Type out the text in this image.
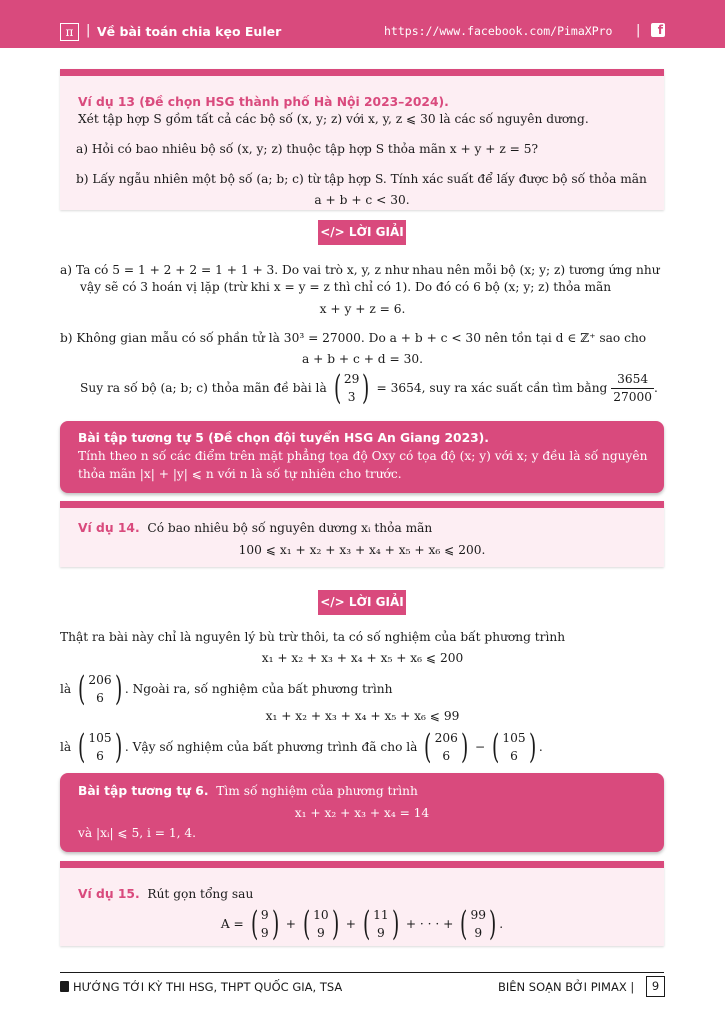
π | Về bài toán chia kẹo Euler	https://www.facebook.com/PimaXPro |	f
Ví dụ 13 (Đề chọn HSG thành phố Hà Nội 2023–2024).
Xét tập hợp S gồm tất cả các bộ số (x, y; z) với x, y, z ⩽ 30 là các số nguyên dương.
a) Hỏi có bao nhiêu bộ số (x, y; z) thuộc tập hợp S thỏa mãn x + y + z = 5?
b) Lấy ngẫu nhiên một bộ số (a; b; c) từ tập hợp S. Tính xác suất để lấy được bộ số thỏa mãn
a + b + c < 30.
</> LỜI GIẢI
a) Ta có 5 = 1 + 2 + 2 = 1 + 1 + 3. Do vai trò x, y, z như nhau nên mỗi bộ (x; y; z) tương ứng như
vậy sẽ có 3 hoán vị lặp (trừ khi x = y = z thì chỉ có 1). Do đó có 6 bộ (x; y; z) thỏa mãn
x + y + z = 6.
b) Không gian mẫu có số phần tử là 30³ = 27000. Do a + b + c < 30 nên tồn tại d ∈ ℤ⁺ sao cho
a + b + c + d = 30.
Suy ra số bộ (a; b; c) thỏa mãn đề bài là
( 29
3 )
= 3654, suy ra xác suất cần tìm bằng
$\frac{3654}{27000}$ .
Bài tập tương tự 5 (Đề chọn đội tuyển HSG An Giang 2023).
Tính theo n số các điểm trên mặt phẳng tọa độ Oxy có tọa độ (x; y) với x; y đều là số nguyên
thỏa mãn |x| + |y| ⩽ n với n là số tự nhiên cho trước.
Ví dụ 14. Có bao nhiêu bộ số nguyên dương xᵢ thỏa mãn
100 ⩽ x₁ + x₂ + x₃ + x₄ + x₅ + x₆ ⩽ 200.
</> LỜI GIẢI
Thật ra bài này chỉ là nguyên lý bù trừ thôi, ta có số nghiệm của bất phương trình
x₁ + x₂ + x₃ + x₄ + x₅ + x₆ ⩽ 200
là
( 206
6 ) . Ngoài ra, số nghiệm của bất phương trình
x₁ + x₂ + x₃ + x₄ + x₅ + x₆ ⩽ 99
là
( 105
6 ) . Vậy số nghiệm của bất phương trình đã cho là
( 206
6 )
−
( 105
6 ) .
Bài tập tương tự 6. Tìm số nghiệm của phương trình
x₁ + x₂ + x₃ + x₄ = 14
và |xᵢ| ⩽ 5, i = 1, 4.
Ví dụ 15. Rút gọn tổng sau
A =
( 9
9)
+
( 10
9 )
+
( 11
9 )
+ · · · +
( 99
9 ) .
HƯỚNG TỚI KỲ THI HSG, THPT QUỐC GIA, TSA	BIÊN SOẠN BỞI PIMAX |	9
